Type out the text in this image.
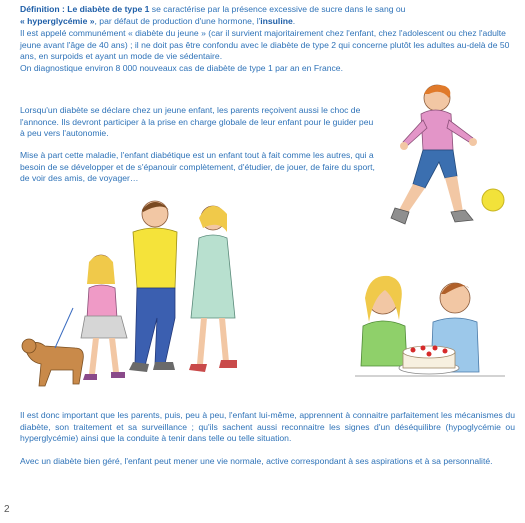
Définition : Le diabète de type 1 se caractérise par la présence excessive de sucre dans le sang ou
« hyperglycémie », par défaut de production d'une hormone, l'insuline.
Il est appelé communément « diabète du jeune » (car il survient majoritairement chez l'enfant, chez l'adolescent ou chez l'adulte jeune avant l'âge de 40 ans) ; il ne doit pas être confondu avec le diabète de type 2 qui concerne plutôt les adultes au-delà de 50 ans, en surpoids et ayant un mode de vie sédentaire.
On diagnostique environ 8 000 nouveaux cas de diabète de type 1 par an en France.
Lorsqu'un diabète se déclare chez un jeune enfant, les parents reçoivent aussi le choc de l'annonce. Ils devront participer à la prise en charge globale de leur enfant pour le guider peu à peu vers l'autonomie.
Mise à part cette maladie, l'enfant diabétique est un enfant tout à fait comme les autres, qui a besoin de se développer et de s'épanouir complètement, d'étudier, de jouer, de faire du sport, de voir des amis, de voyager…
Il est donc important que les parents, puis, peu à peu, l'enfant lui-même, apprennent à connaitre parfaitement les mécanismes du diabète, son traitement et sa surveillance ; qu'ils sachent aussi reconnaitre les signes d'un déséquilibre (hypoglycémie ou hyperglycémie) ainsi que la conduite à tenir dans telle ou telle situation.
Avec un diabète bien géré, l'enfant peut mener une vie normale, active correspondant à ses aspirations et à sa personnalité.
2
